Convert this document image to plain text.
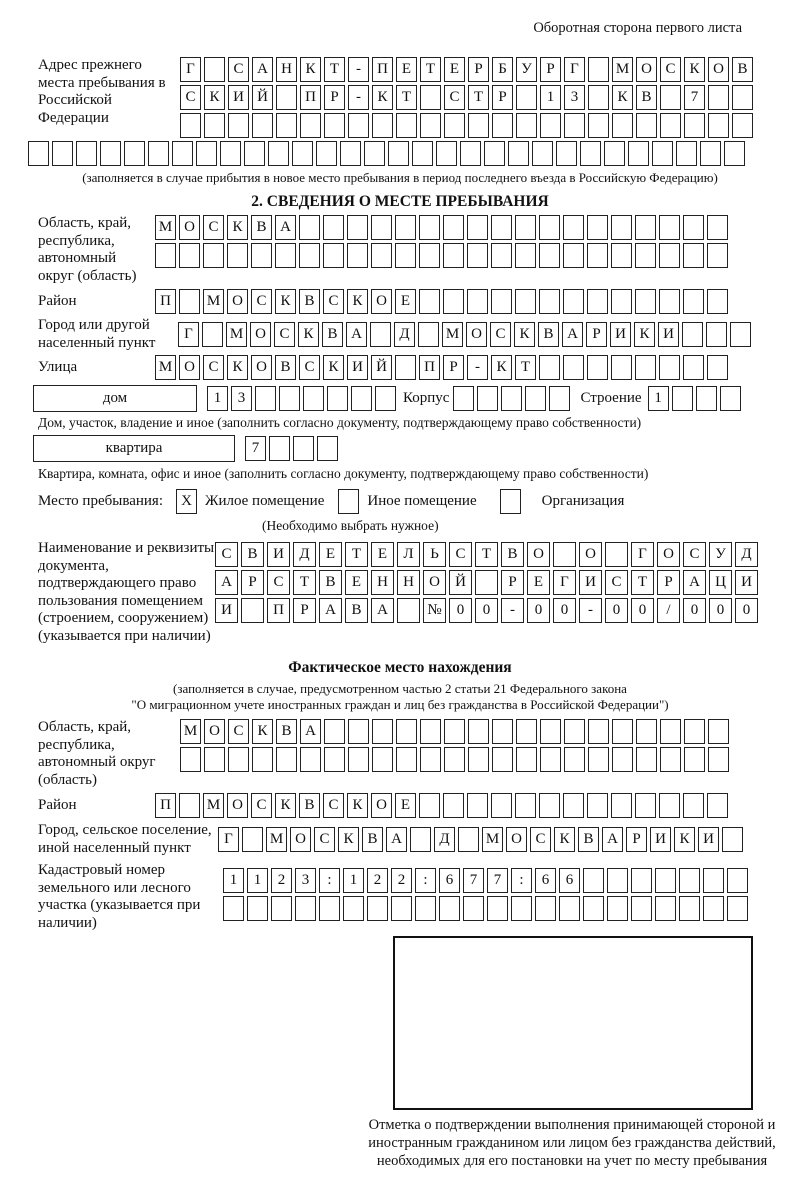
Оборотная сторона первого листа
Адрес прежнего места пребывания в Российской Федерации
Г	С А Н К Т	-	П Е Т Е	Р	Б У Р	Г	М О С К О В
С К И Й	П Р	-	К Т	С Т	Р	1	3	К В	7
(заполняется в случае прибытия в новое место пребывания в период последнего въезда в Российскую Федерацию)
2. СВЕДЕНИЯ О МЕСТЕ ПРЕБЫВАНИЯ
Область, край, республика, автономный округ (область)
М О С К В А
Район	П	М О С К В С К О Е
Город или другой населенный пункт
Г	М О С К В А	Д	М О С К В А Р И К И
Улица	М О С К О В С К И Й	П Р	-	К Т
дом	1	3	Корпус	Строение 1
Дом, участок, владение и иное (заполнить согласно документу, подтверждающему право собственности)
квартира	7
Квартира, комната, офис и иное (заполнить согласно документу, подтверждающему право собственности)
Место пребывания:	X Жилое помещение	Иное помещение	Организация
(Необходимо выбрать нужное)
Наименование и реквизиты документа, подтверждающего право пользования помещением (строением, сооружением) (указывается при наличии)
С	В	И	Д	Е	Т	Е	Л	Ь	С	Т	В	О	О	Г	О	С	У	Д
А	Р	С	Т	В	Е	Н	Н	О	Й	Р	Е	Г	И	С	Т	Р	А	Ц	И
И	П	Р	А	В	А	№	0	0	-	0	0	-	0	0	/	0	0	0
Фактическое место нахождения
(заполняется в случае, предусмотренном частью 2 статьи 21 Федерального закона
"О миграционном учете иностранных граждан и лиц без гражданства в Российской Федерации")
Область, край, республика, автономный округ (область)
М О С К В А
Район	П	М О С К В С К О Е
Город, сельское поселение, иной населенный пункт
Г	М О С К В А	Д	М О С К В А Р И К И
Кадастровый номер земельного или лесного участка (указывается при наличии)
1	1	2	3	:	1	2	2	:	6	7	7	:	6	6
Отметка о подтверждении выполнения принимающей стороной и иностранным гражданином или лицом без гражданства действий, необходимых для его постановки на учет по месту пребывания
